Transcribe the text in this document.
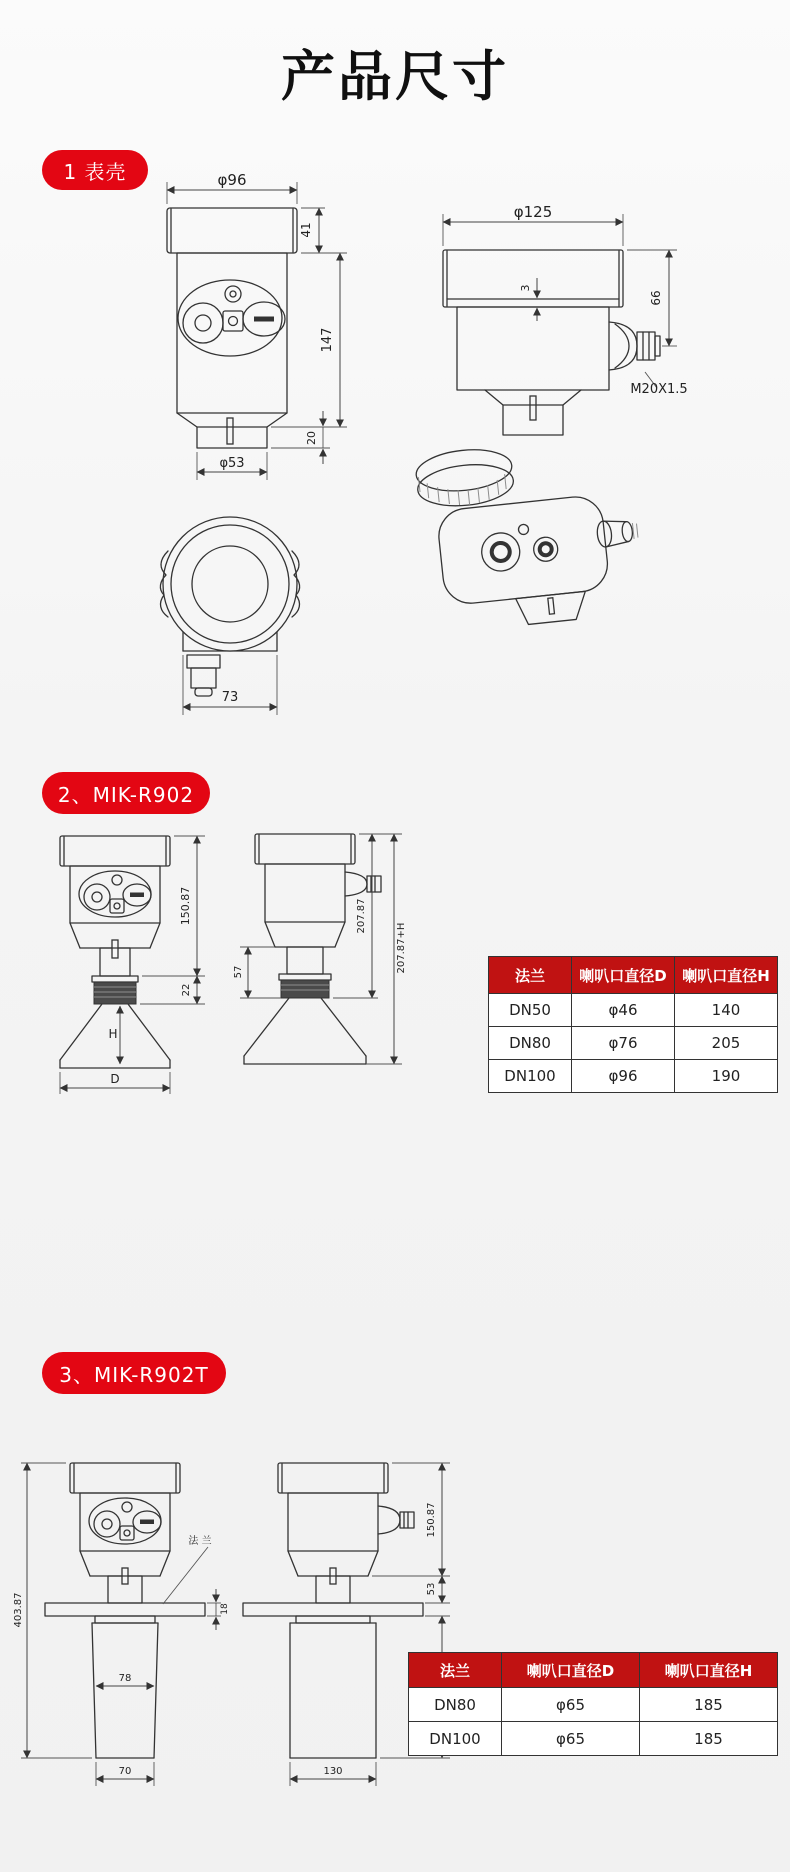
产品尺寸
1 表壳	φ96
φ53
41
147
20
φ125
3
66
M20X1.5
73
2、MIK-R902
150.87
22
H
D
57
207.87
207.87+H
法兰	喇叭口直径D	喇叭口直径H
DN50	φ46	140
DN80	φ76	205
DN100	φ96	190
3、MIK-R902T
403.87
法 兰
18
78
70
150.87
53
130
法兰	喇叭口直径D	喇叭口直径H
DN80	φ65	185
DN100	φ65	185
